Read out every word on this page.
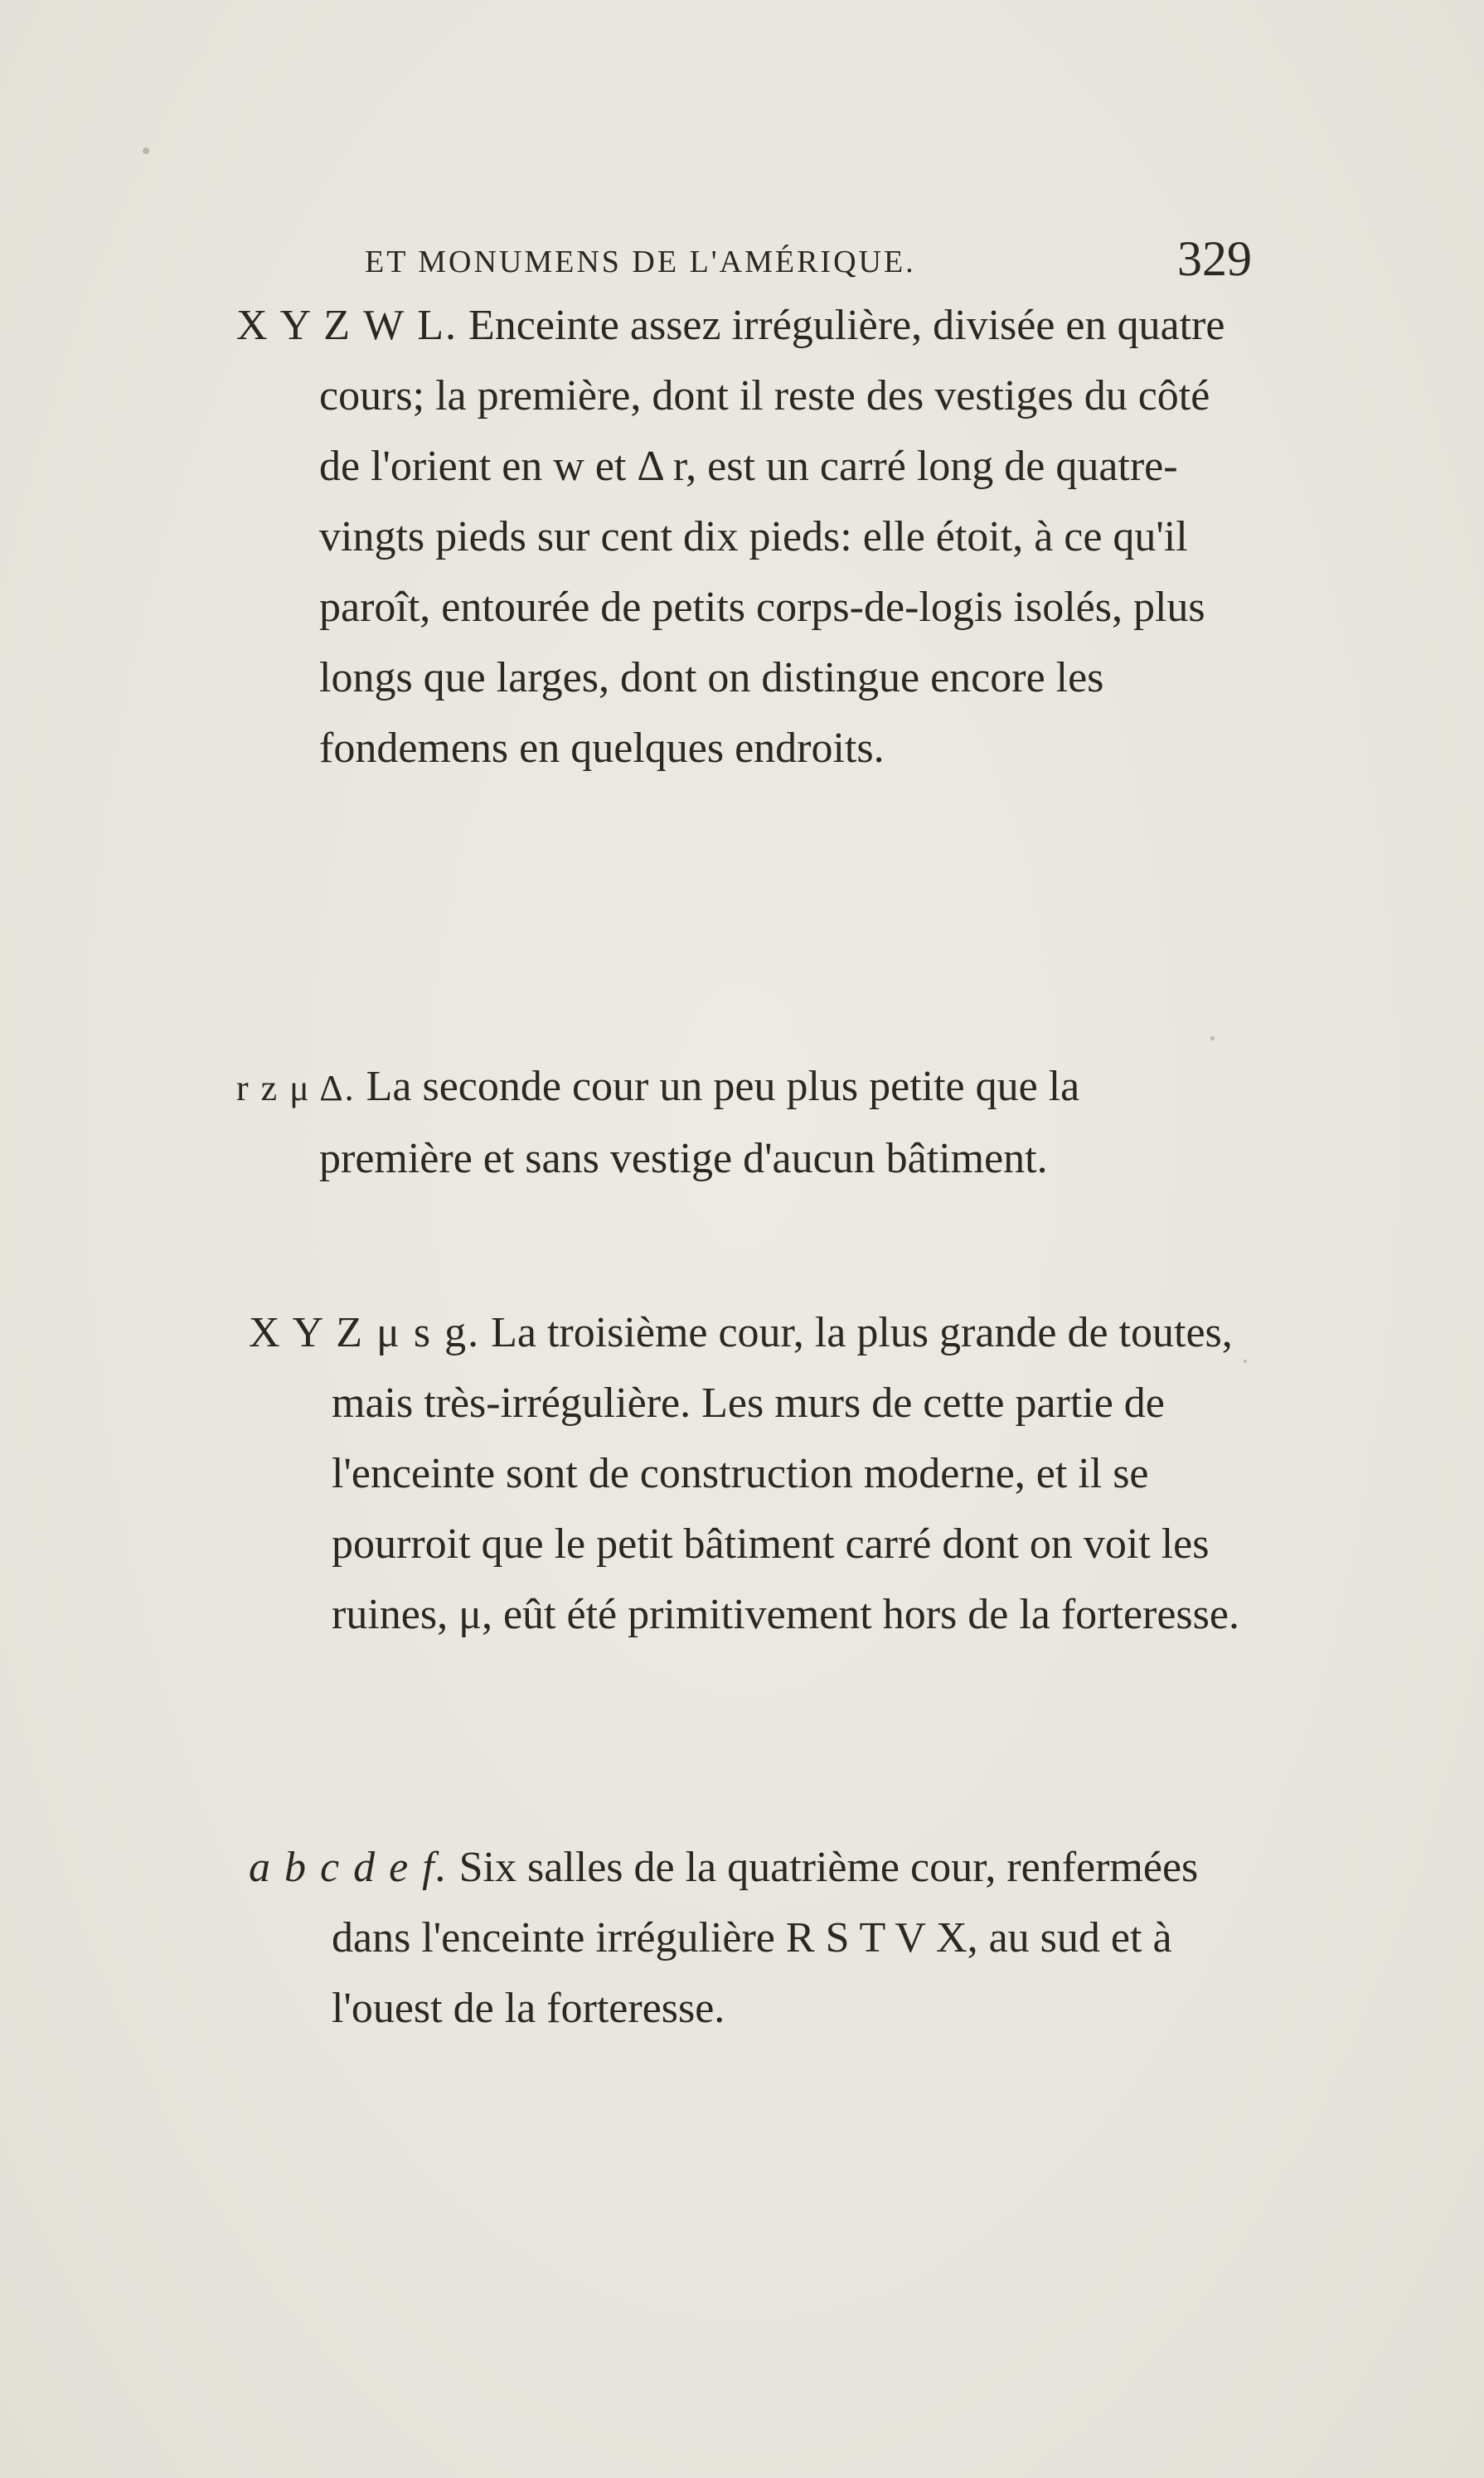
ET MONUMENS DE L'AMÉRIQUE.	329

X Y Z W L. Enceinte assez irrégulière, divisée en quatre cours; la première, dont il reste des vestiges du côté de l'orient en w et Δ r, est un carré long de quatre-vingts pieds sur cent dix pieds: elle étoit, à ce qu'il paroît, entourée de petits corps-de-logis isolés, plus longs que larges, dont on distingue encore les fondemens en quelques endroits.

r z μ Δ. La seconde cour un peu plus petite que la première et sans vestige d'aucun bâtiment.

X Y Z μ s g. La troisième cour, la plus grande de toutes, mais très-irrégulière. Les murs de cette partie de l'enceinte sont de construction moderne, et il se pourroit que le petit bâtiment carré dont on voit les ruines, μ, eût été primitivement hors de la forteresse.

a b c d e f. Six salles de la quatrième cour, renfermées dans l'enceinte irrégulière R S T V X, au sud et à l'ouest de la forteresse.
